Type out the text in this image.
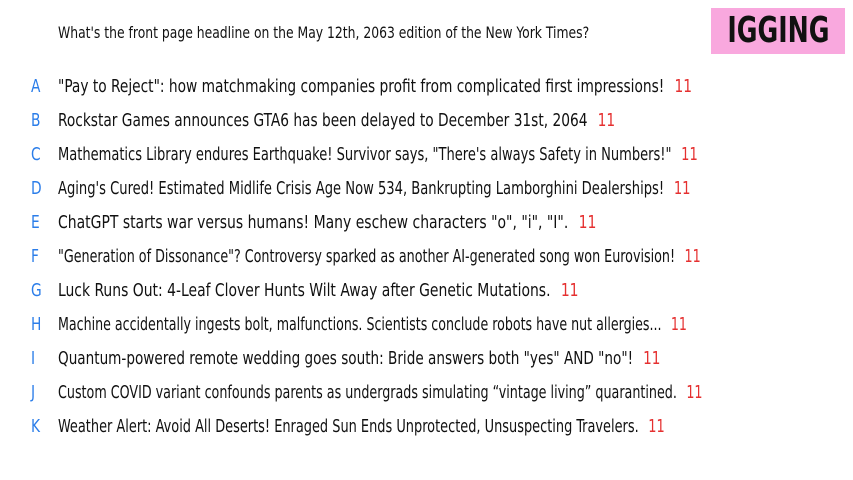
What's the front page headline on the May 12th, 2063 edition of the New York Times?	IGGING
A "Pay to Reject": how matchmaking companies profit from complicated first impressions! 11
B Rockstar Games announces GTA6 has been delayed to December 31st, 2064 11
C Mathematics Library endures Earthquake! Survivor says, "There's always Safety in Numbers!" 11
D Aging's Cured! Estimated Midlife Crisis Age Now 534, Bankrupting Lamborghini Dealerships! 11
E ChatGPT starts war versus humans! Many eschew characters "o", "i", "I". 11
F "Generation of Dissonance"? Controversy sparked as another AI-generated song won Eurovision! 11
G Luck Runs Out: 4-Leaf Clover Hunts Wilt Away after Genetic Mutations. 11
H Machine accidentally ingests bolt, malfunctions. Scientists conclude robots have nut allergies... 11
I Quantum-powered remote wedding goes south: Bride answers both "yes" AND "no"! 11
J Custom COVID variant confounds parents as undergrads simulating “vintage living” quarantined. 11
K Weather Alert: Avoid All Deserts! Enraged Sun Ends Unprotected, Unsuspecting Travelers. 11
